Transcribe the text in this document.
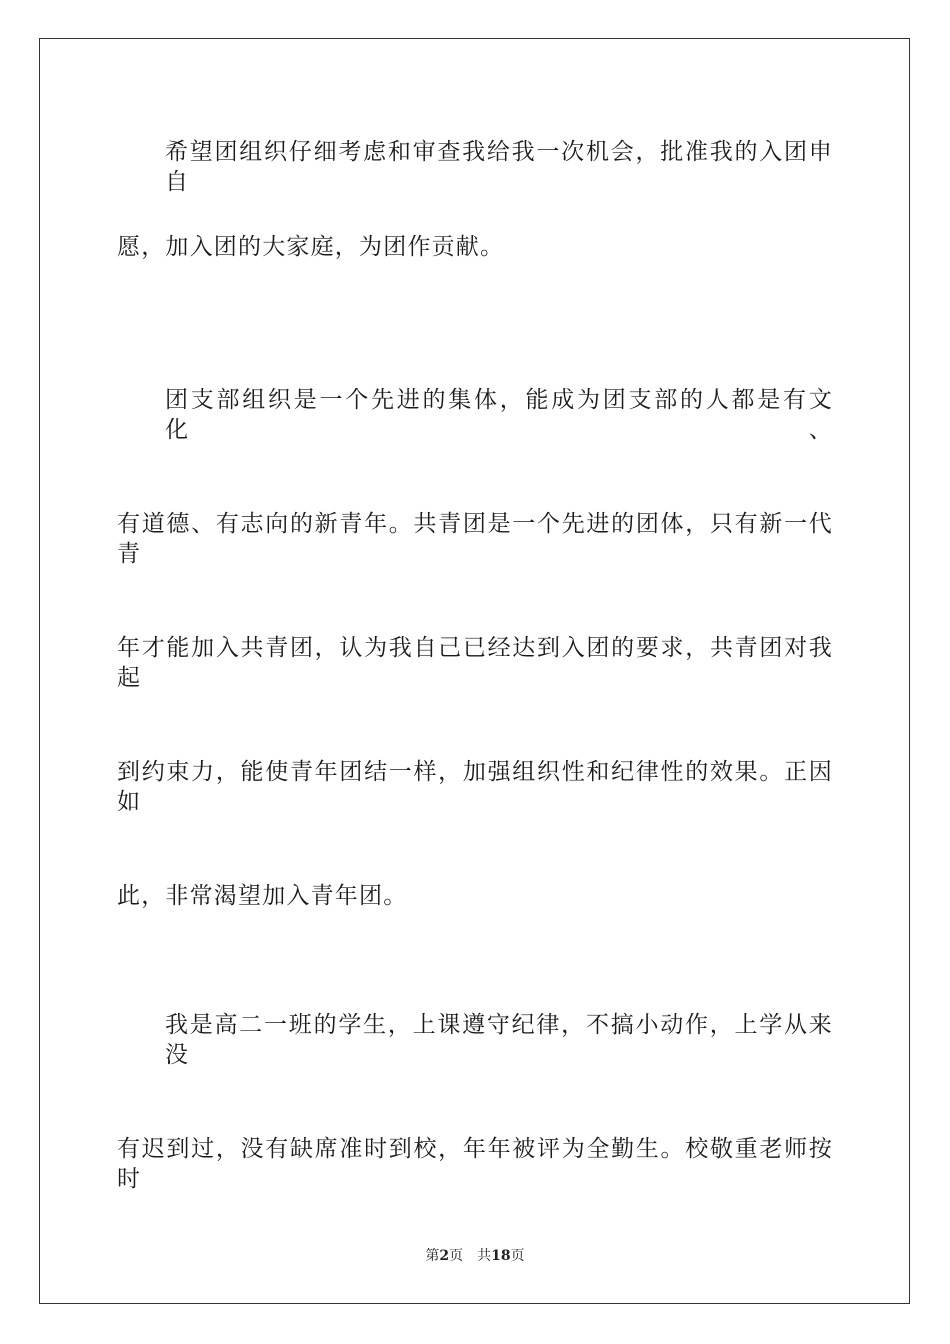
希望团组织仔细考虑和审查我给我一次机会，批准我的入团申自
愿，加入团的大家庭，为团作贡献。
团支部组织是一个先进的集体，能成为团支部的人都是有文化、
有道德、有志向的新青年。共青团是一个先进的团体，只有新一代青
年才能加入共青团，认为我自己已经达到入团的要求，共青团对我起
到约束力，能使青年团结一样，加强组织性和纪律性的效果。正因如
此，非常渴望加入青年团。
我是高二一班的学生，上课遵守纪律，不搞小动作，上学从来没
有迟到过，没有缺席准时到校，年年被评为全勤生。校敬重老师按时
第2页 共18页
